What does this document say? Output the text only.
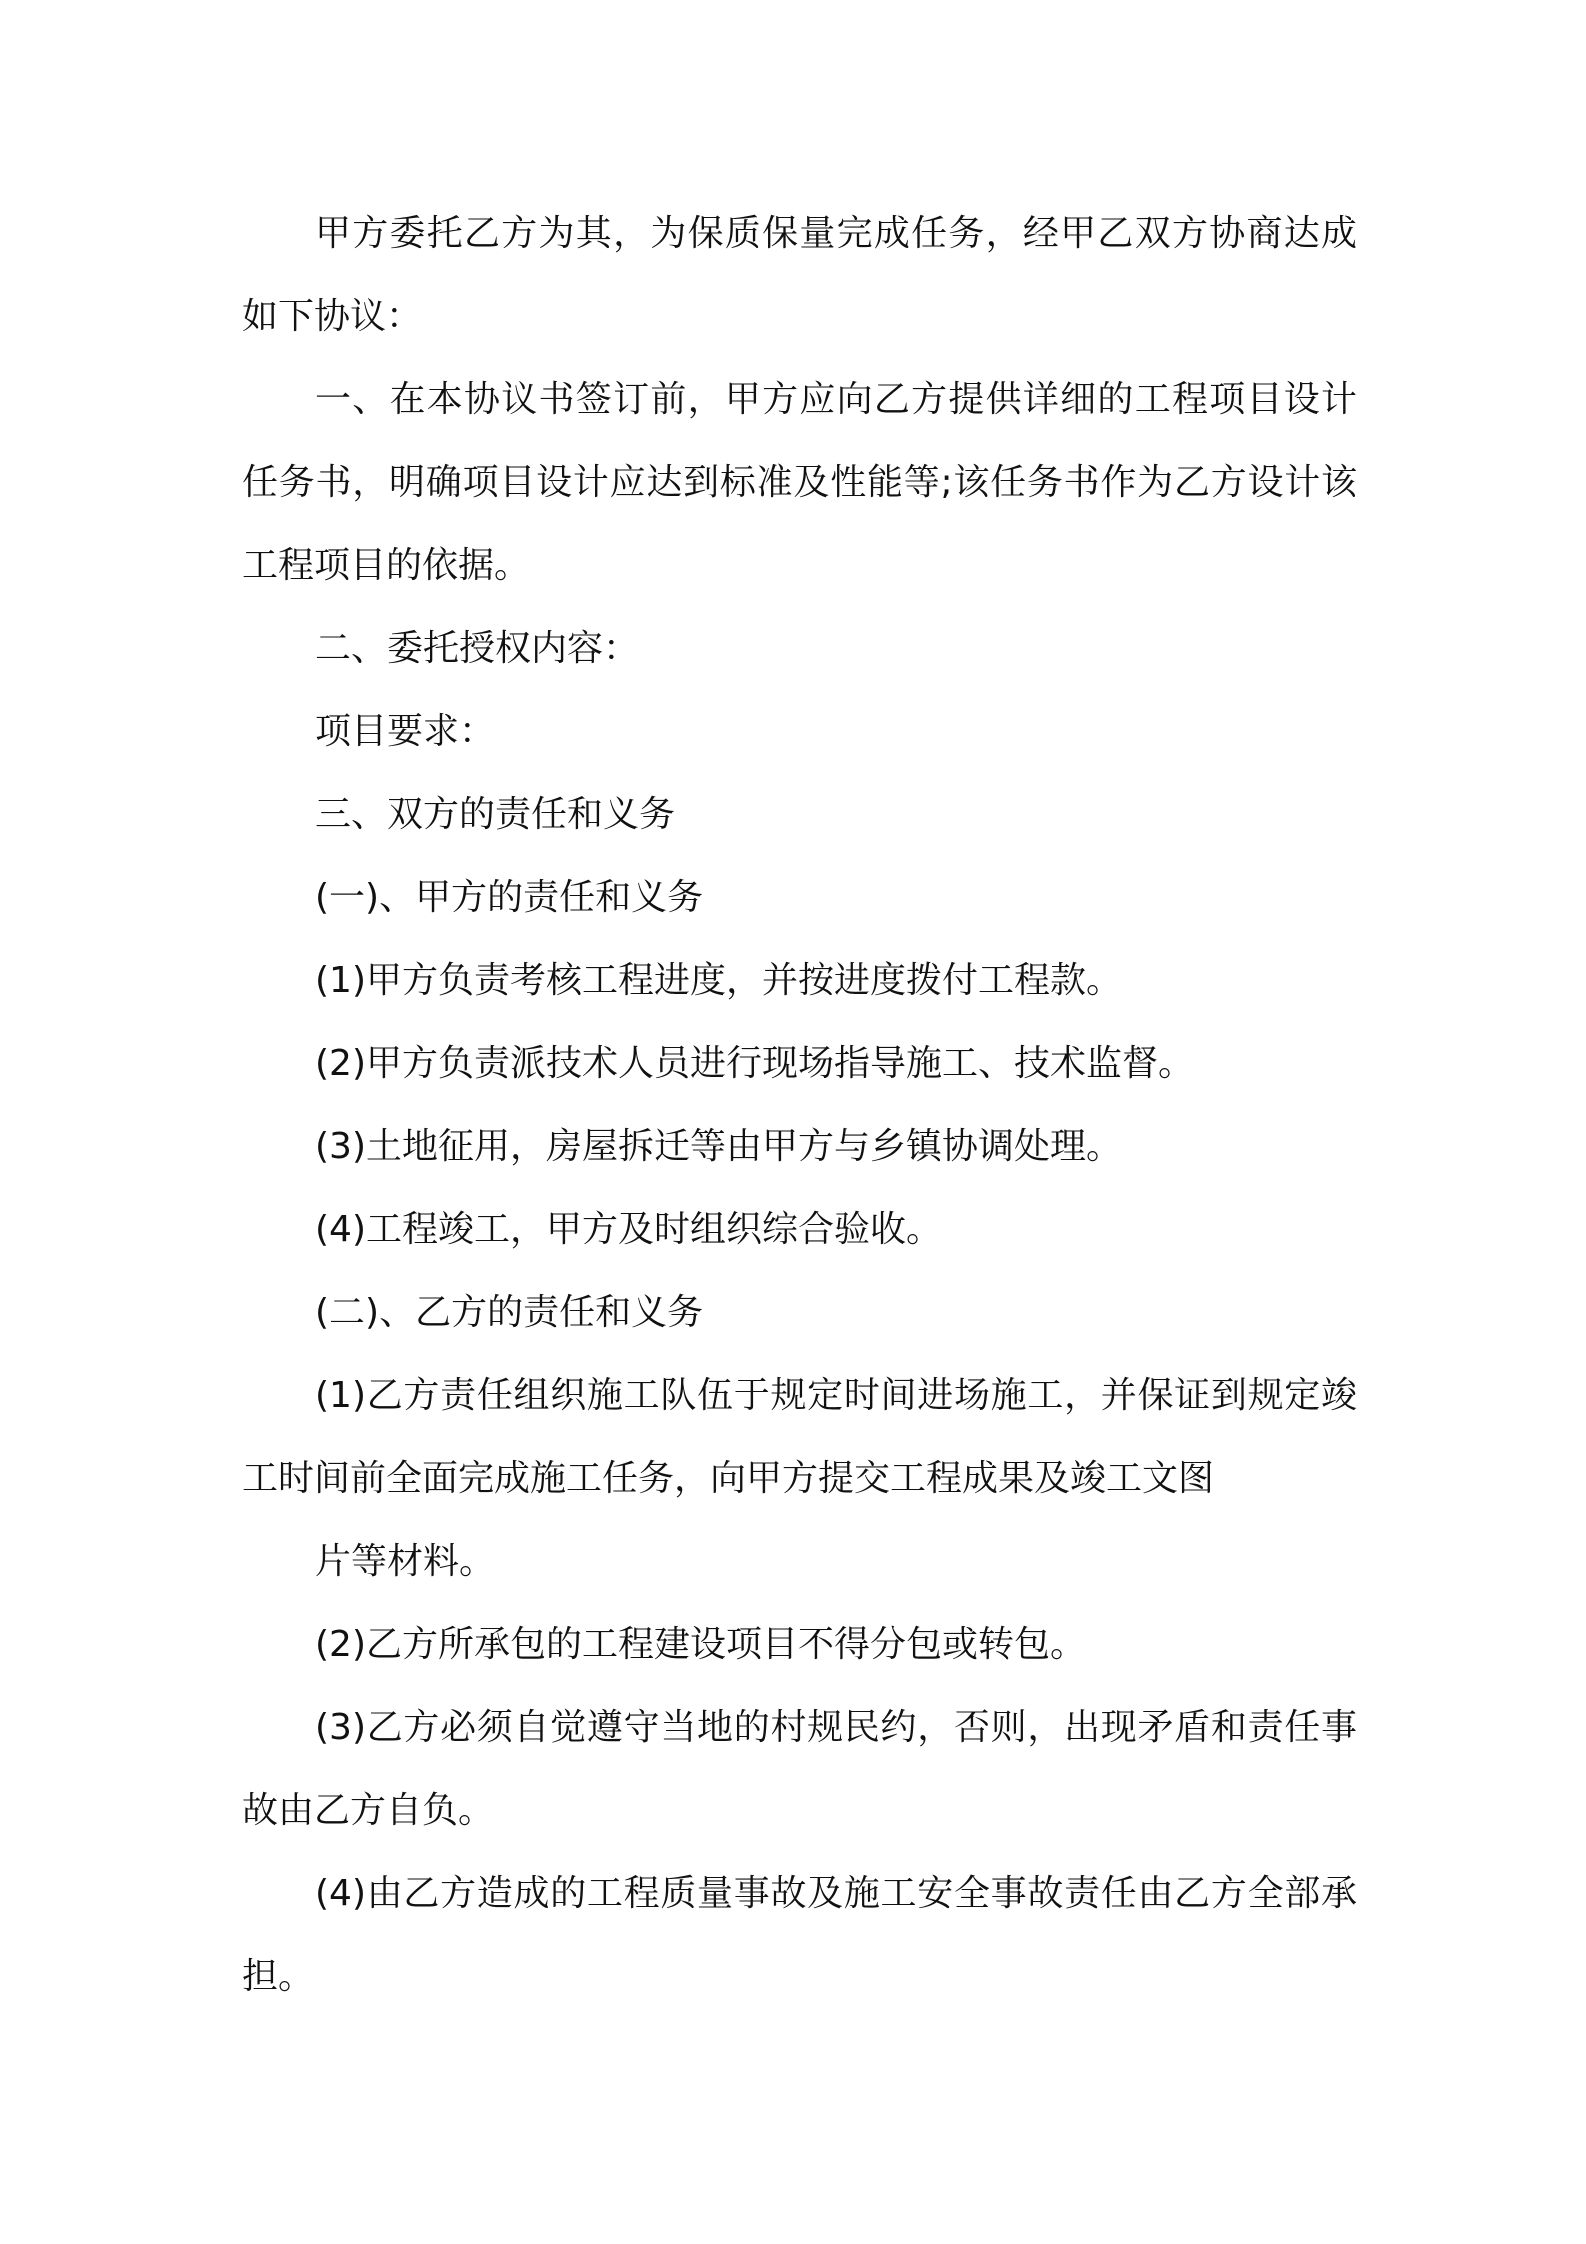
甲方委托乙方为其，为保质保量完成任务，经甲乙双方协商达成如下协议：

一、在本协议书签订前，甲方应向乙方提供详细的工程项目设计任务书，明确项目设计应达到标准及性能等;该任务书作为乙方设计该工程项目的依据。

二、委托授权内容：

项目要求：

三、双方的责任和义务

(一)、甲方的责任和义务

(1)甲方负责考核工程进度，并按进度拨付工程款。

(2)甲方负责派技术人员进行现场指导施工、技术监督。

(3)土地征用，房屋拆迁等由甲方与乡镇协调处理。

(4)工程竣工，甲方及时组织综合验收。

(二)、乙方的责任和义务

(1)乙方责任组织施工队伍于规定时间进场施工，并保证到规定竣工时间前全面完成施工任务，向甲方提交工程成果及竣工文图

片等材料。

(2)乙方所承包的工程建设项目不得分包或转包。

(3)乙方必须自觉遵守当地的村规民约，否则，出现矛盾和责任事故由乙方自负。

(4)由乙方造成的工程质量事故及施工安全事故责任由乙方全部承担。
